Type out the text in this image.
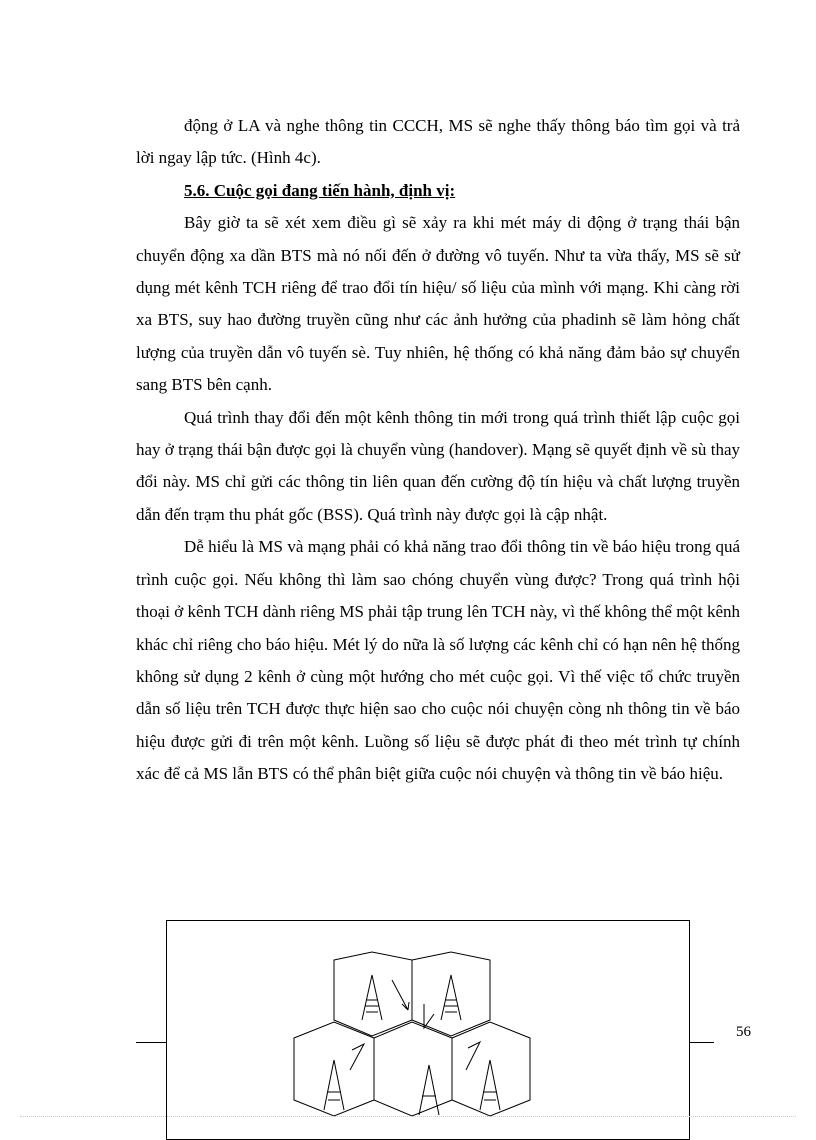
động ở LA và nghe thông tin CCCH, MS sẽ nghe thấy thông báo tìm gọi và trả lời ngay lập tức. (Hình 4c).

5.6. Cuộc gọi đang tiến hành, định vị:

Bây giờ ta sẽ xét xem điều gì sẽ xảy ra khi mét máy di động ở trạng thái bận chuyển động xa dần BTS mà nó nối đến ở đường vô tuyến. Như ta vừa thấy, MS sẽ sử dụng mét kênh TCH riêng để trao đổi tín hiệu/ số liệu của mình với mạng. Khi càng rời xa BTS, suy hao đường truyền cũng như các ảnh hưởng của phadinh sẽ làm hỏng chất lượng của truyền dẫn vô tuyến sè. Tuy nhiên, hệ thống có khả năng đảm bảo sự chuyển sang BTS bên cạnh.

Quá trình thay đổi đến một kênh thông tin mới trong quá trình thiết lập cuộc gọi hay ở trạng thái bận được gọi là chuyển vùng (handover). Mạng sẽ quyết định về sù thay đổi này. MS chỉ gửi các thông tin liên quan đến cường độ tín hiệu và chất lượng truyền dẫn đến trạm thu phát gốc (BSS). Quá trình này được gọi là cập nhật.

Dễ hiểu là MS và mạng phải có khả năng trao đổi thông tin về báo hiệu trong quá trình cuộc gọi. Nếu không thì làm sao chóng chuyển vùng được? Trong quá trình hội thoại ở kênh TCH dành riêng MS phải tập trung lên TCH này, vì thế không thể một kênh khác chỉ riêng cho báo hiệu. Mét lý do nữa là số lượng các kênh chỉ có hạn nên hệ thống không sử dụng 2 kênh ở cùng một hướng cho mét cuộc gọi. Vì thế việc tổ chức truyền dẫn số liệu trên TCH được thực hiện sao cho cuộc nói chuyện còng nh thông tin về báo hiệu được gửi đi trên một kênh. Luồng số liệu sẽ được phát đi theo mét trình tự chính xác để cả MS lẫn BTS có thể phân biệt giữa cuộc nói chuyện và thông tin về báo hiệu.

56
